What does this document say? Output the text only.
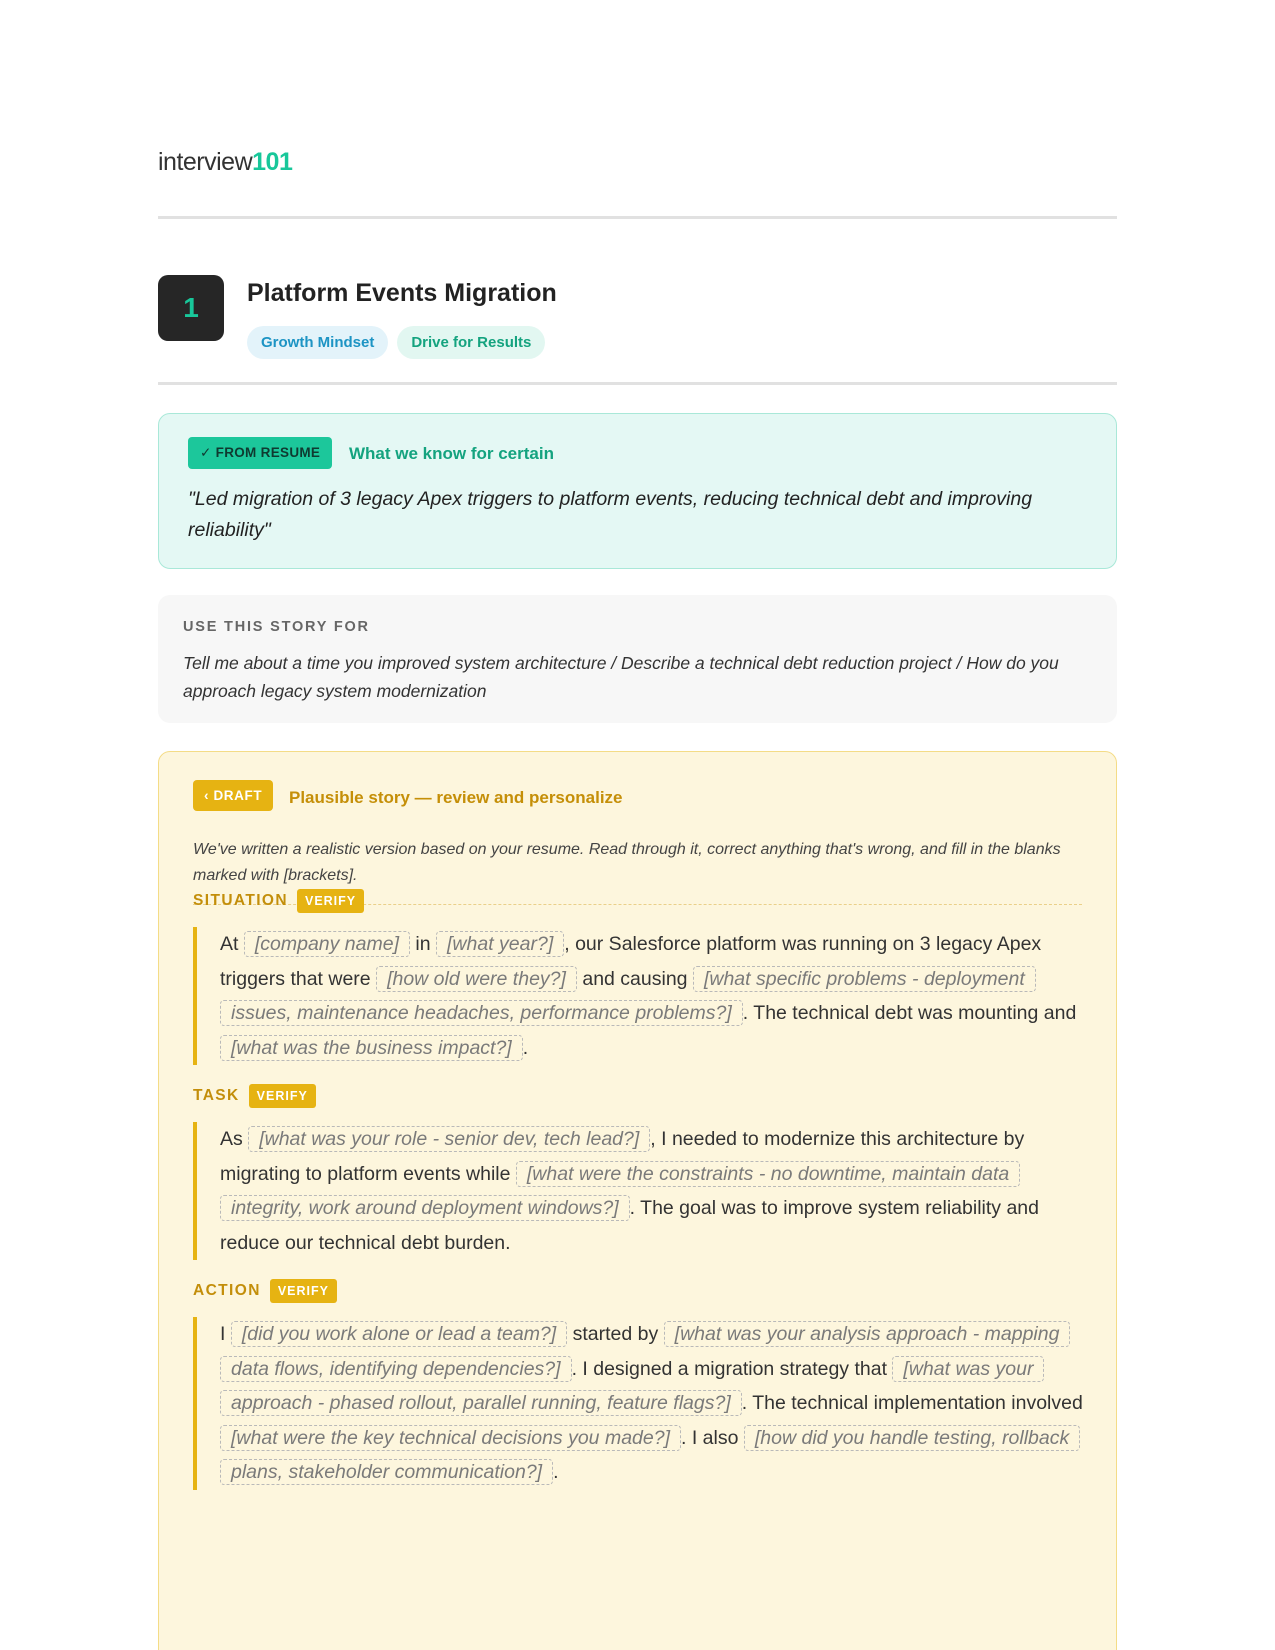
interview101
1	Platform Events Migration
Growth Mindset	Drive for Results
✓ FROM RESUME	What we know for certain
"Led migration of 3 legacy Apex triggers to platform events, reducing technical debt and improving reliability"
USE THIS STORY FOR
Tell me about a time you improved system architecture / Describe a technical debt reduction project / How do you approach legacy system modernization
‹ DRAFT	Plausible story — review and personalize
We've written a realistic version based on your resume. Read through it, correct anything that's wrong, and fill in the blanks marked with [brackets].
SITUATION	VERIFY
At [company name] in [what year?] , our Salesforce platform was running on 3 legacy Apex triggers that were [how old were they?] and causing [what specific problems - deployment issues, maintenance headaches, performance problems?] . The technical debt was mounting and [what was the business impact?] .
TASK	VERIFY
As [what was your role - senior dev, tech lead?] , I needed to modernize this architecture by migrating to platform events while [what were the constraints - no downtime, maintain data integrity, work around deployment windows?] . The goal was to improve system reliability and reduce our technical debt burden.
ACTION	VERIFY
I [did you work alone or lead a team?] started by [what was your analysis approach - mapping data flows, identifying dependencies?] . I designed a migration strategy that [what was your approach - phased rollout, parallel running, feature flags?] . The technical implementation involved [what were the key technical decisions you made?] . I also [how did you handle testing, rollback plans, stakeholder communication?] .
